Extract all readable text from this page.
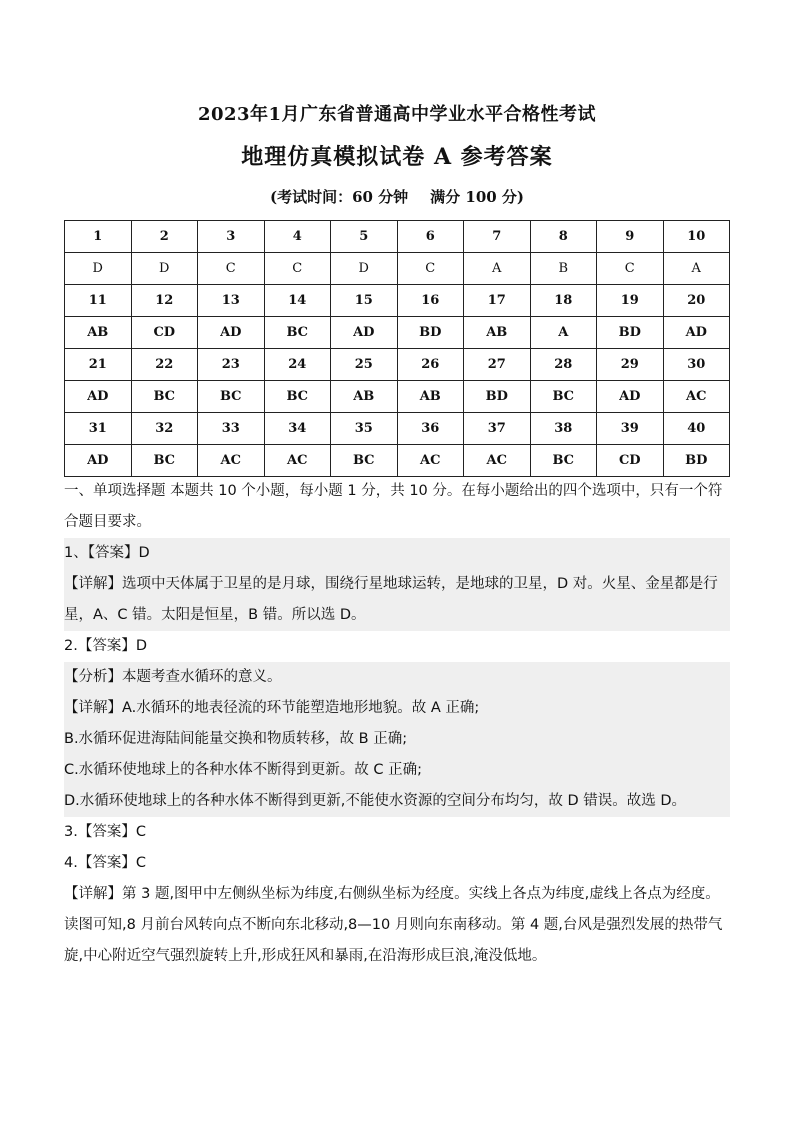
2023年1月广东省普通高中学业水平合格性考试
地理仿真模拟试卷 A 参考答案
(考试时间：60 分钟 满分 100 分)
1	2	3	4	5	6	7	8	9	10
D	D	C	C	D	C	A	B	C	A
11	12	13	14	15	16	17	18	19	20
AB	CD	AD	BC	AD	BD	AB	A	BD	AD
21	22	23	24	25	26	27	28	29	30
AD	BC	BC	BC	AB	AB	BD	BC	AD	AC
31	32	33	34	35	36	37	38	39	40
AD	BC	AC	AC	BC	AC	AC	BC	CD	BD

一、单项选择题 本题共 10 个小题，每小题 1 分，共 10 分。在每小题给出的四个选项中，只有一个符合题目要求。

1、【答案】D

【详解】选项中天体属于卫星的是月球，围绕行星地球运转，是地球的卫星，D 对。火星、金星都是行星，A、C 错。太阳是恒星，B 错。所以选 D。

2.【答案】D

【分析】本题考查水循环的意义。

【详解】A.水循环的地表径流的环节能塑造地形地貌。故 A 正确;

B.水循环促进海陆间能量交换和物质转移，故 B 正确;

C.水循环使地球上的各种水体不断得到更新。故 C 正确;

D.水循环使地球上的各种水体不断得到更新,不能使水资源的空间分布均匀，故 D 错误。故选 D。

3.【答案】C

4.【答案】C

【详解】第 3 题,图甲中左侧纵坐标为纬度,右侧纵坐标为经度。实线上各点为纬度,虚线上各点为经度。读图可知,8 月前台风转向点不断向东北移动,8—10 月则向东南移动。第 4 题,台风是强烈发展的热带气旋,中心附近空气强烈旋转上升,形成狂风和暴雨,在沿海形成巨浪,淹没低地。
